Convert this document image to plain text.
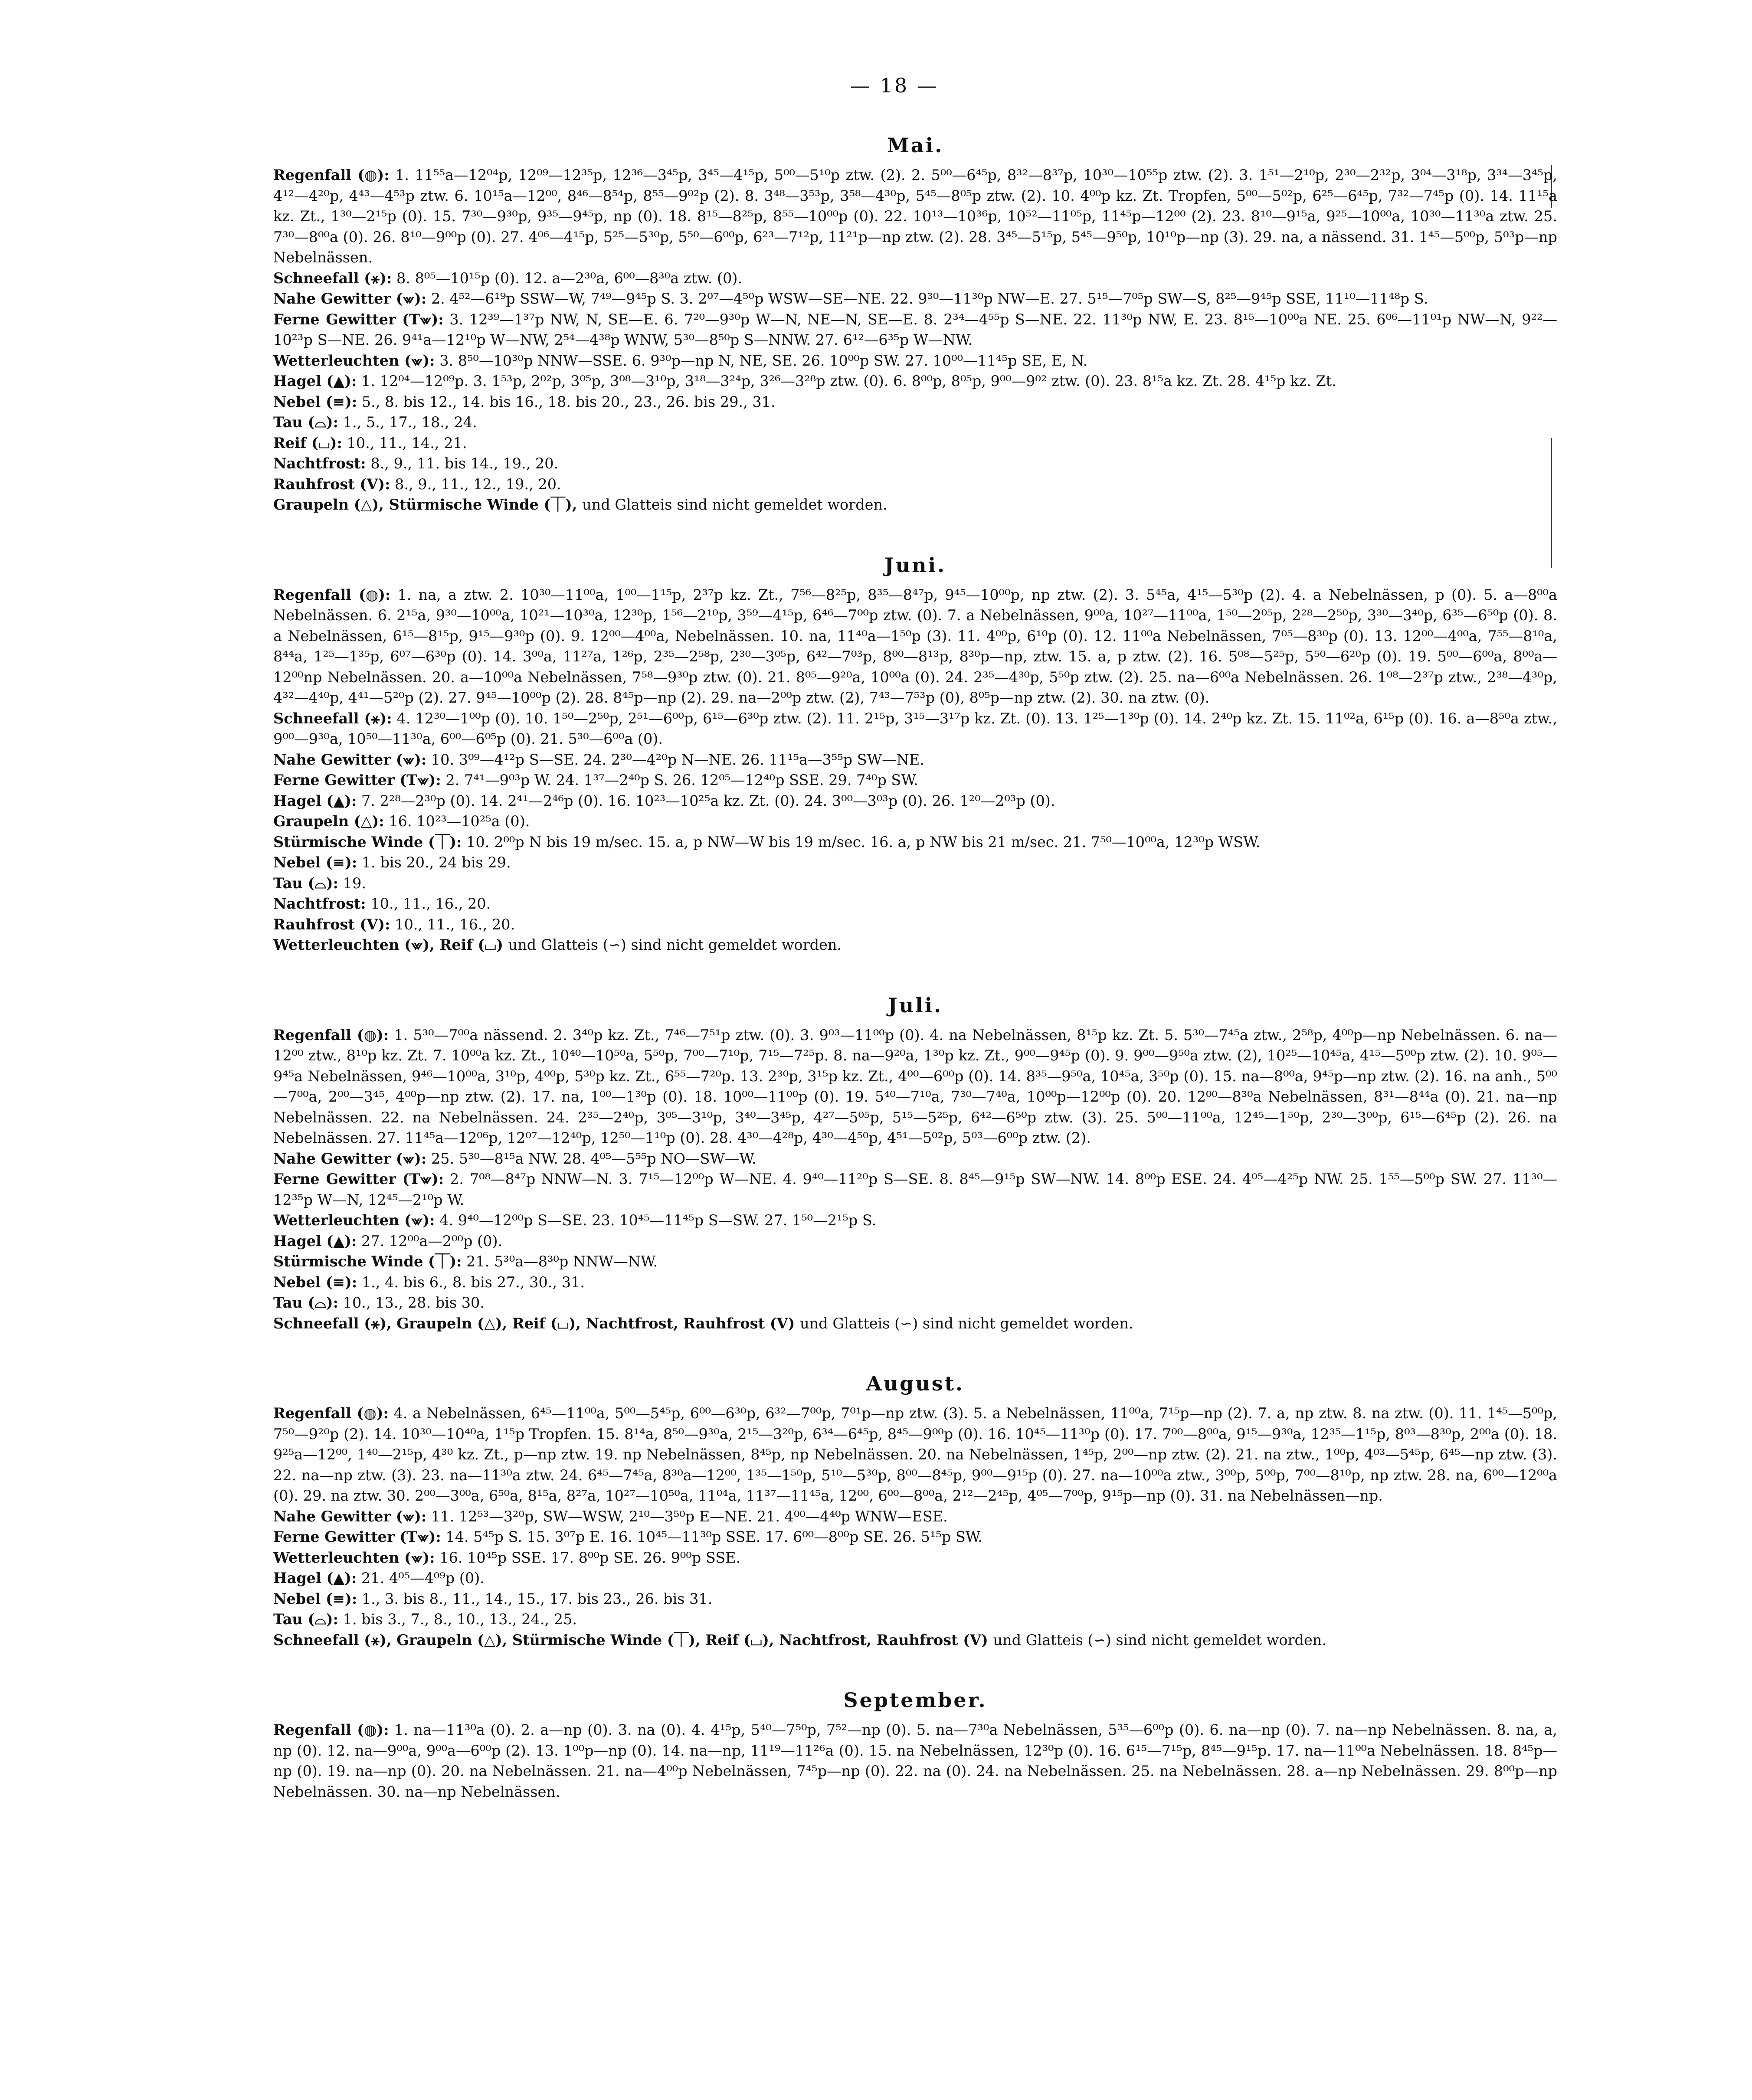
— 18 —
Mai.

Regenfall (◍): 1. 11⁵⁵a—12⁰⁴p, 12⁰⁹—12³⁵p, 12³⁶—3⁴⁵p, 3⁴⁵—4¹⁵p, 5⁰⁰—5¹⁰p ztw. (2). 2. 5⁰⁰—6⁴⁵p, 8³²—8³⁷p, 10³⁰—10⁵⁵p ztw. (2). 3. 1⁵¹—2¹⁰p, 2³⁰—2³²p, 3⁰⁴—3¹⁸p, 3³⁴—3⁴⁵p, 4¹²—4²⁰p, 4⁴³—4⁵³p ztw. 6. 10¹⁵a—12⁰⁰, 8⁴⁶—8⁵⁴p, 8⁵⁵—9⁰²p (2). 8. 3⁴⁸—3⁵³p, 3⁵⁸—4³⁰p, 5⁴⁵—8⁰⁵p ztw. (2). 10. 4⁰⁰p kz. Zt. Tropfen, 5⁰⁰—5⁰²p, 6²⁵—6⁴⁵p, 7³²—7⁴⁵p (0). 14. 11¹⁵a kz. Zt., 1³⁰—2¹⁵p (0). 15. 7³⁰—9³⁰p, 9³⁵—9⁴⁵p, np (0). 18. 8¹⁵—8²⁵p, 8⁵⁵—10⁰⁰p (0). 22. 10¹³—10³⁶p, 10⁵²—11⁰⁵p, 11⁴⁵p—12⁰⁰ (2). 23. 8¹⁰—9¹⁵a, 9²⁵—10⁰⁰a, 10³⁰—11³⁰a ztw. 25. 7³⁰—8⁰⁰a (0). 26. 8¹⁰—9⁰⁰p (0). 27. 4⁰⁶—4¹⁵p, 5²⁵—5³⁰p, 5⁵⁰—6⁰⁰p, 6²³—7¹²p, 11²¹p—np ztw. (2). 28. 3⁴⁵—5¹⁵p, 5⁴⁵—9⁵⁰p, 10¹⁰p—np (3). 29. na, a nässend. 31. 1⁴⁵—5⁰⁰p, 5⁰³p—np Nebelnässen.

Schneefall (⚹): 8. 8⁰⁵—10¹⁵p (0). 12. a—2³⁰a, 6⁰⁰—8³⁰a ztw. (0).

Nahe Gewitter (⩖): 2. 4⁵²—6¹⁹p SSW—W, 7⁴⁹—9⁴⁵p S. 3. 2⁰⁷—4⁵⁰p WSW—SE—NE. 22. 9³⁰—11³⁰p NW—E. 27. 5¹⁵—7⁰⁵p SW—S, 8²⁵—9⁴⁵p SSE, 11¹⁰—11⁴⁸p S.

Ferne Gewitter (T⩖): 3. 12³⁹—1³⁷p NW, N, SE—E. 6. 7²⁰—9³⁰p W—N, NE—N, SE—E. 8. 2³⁴—4⁵⁵p S—NE. 22. 11³⁰p NW, E. 23. 8¹⁵—10⁰⁰a NE. 25. 6⁰⁶—11⁰¹p NW—N, 9²²—10²³p S—NE. 26. 9⁴¹a—12¹⁰p W—NW, 2⁵⁴—4³⁸p WNW, 5³⁰—8⁵⁰p S—NNW. 27. 6¹²—6³⁵p W—NW.

Wetterleuchten (⩖): 3. 8⁵⁰—10³⁰p NNW—SSE. 6. 9³⁰p—np N, NE, SE. 26. 10⁰⁰p SW. 27. 10⁰⁰—11⁴⁵p SE, E, N.

Hagel (▲): 1. 12⁰⁴—12⁰⁹p. 3. 1⁵³p, 2⁰²p, 3⁰⁵p, 3⁰⁸—3¹⁰p, 3¹⁸—3²⁴p, 3²⁶—3²⁸p ztw. (0). 6. 8⁰⁰p, 8⁰⁵p, 9⁰⁰—9⁰² ztw. (0). 23. 8¹⁵a kz. Zt. 28. 4¹⁵p kz. Zt.

Nebel (≡): 5., 8. bis 12., 14. bis 16., 18. bis 20., 23., 26. bis 29., 31.

Tau (⌓): 1., 5., 17., 18., 24.

Reif (⌴): 10., 11., 14., 21.

Nachtfrost: 8., 9., 11. bis 14., 19., 20.

Rauhfrost (V): 8., 9., 11., 12., 19., 20.

Graupeln (△), Stürmische Winde (⏉), und Glatteis sind nicht gemeldet worden.

Juni.

Regenfall (◍): 1. na, a ztw. 2. 10³⁰—11⁰⁰a, 1⁰⁰—1¹⁵p, 2³⁷p kz. Zt., 7⁵⁶—8²⁵p, 8³⁵—8⁴⁷p, 9⁴⁵—10⁰⁰p, np ztw. (2). 3. 5⁴⁵a, 4¹⁵—5³⁰p (2). 4. a Nebelnässen, p (0). 5. a—8⁰⁰a Nebelnässen. 6. 2¹⁵a, 9³⁰—10⁰⁰a, 10²¹—10³⁰a, 12³⁰p, 1⁵⁶—2¹⁰p, 3⁵⁹—4¹⁵p, 6⁴⁶—7⁰⁰p ztw. (0). 7. a Nebelnässen, 9⁰⁰a, 10²⁷—11⁰⁰a, 1⁵⁰—2⁰⁵p, 2²⁸—2⁵⁰p, 3³⁰—3⁴⁰p, 6³⁵—6⁵⁰p (0). 8. a Nebelnässen, 6¹⁵—8¹⁵p, 9¹⁵—9³⁰p (0). 9. 12⁰⁰—4⁰⁰a, Nebelnässen. 10. na, 11⁴⁰a—1⁵⁰p (3). 11. 4⁰⁰p, 6¹⁰p (0). 12. 11⁰⁰a Nebelnässen, 7⁰⁵—8³⁰p (0). 13. 12⁰⁰—4⁰⁰a, 7⁵⁵—8¹⁰a, 8⁴⁴a, 1²⁵—1³⁵p, 6⁰⁷—6³⁰p (0). 14. 3⁰⁰a, 11²⁷a, 1²⁶p, 2³⁵—2⁵⁸p, 2³⁰—3⁰⁵p, 6⁴²—7⁰³p, 8⁰⁰—8¹³p, 8³⁰p—np, ztw. 15. a, p ztw. (2). 16. 5⁰⁸—5²⁵p, 5⁵⁰—6²⁰p (0). 19. 5⁰⁰—6⁰⁰a, 8⁰⁰a—12⁰⁰np Nebelnässen. 20. a—10⁰⁰a Nebelnässen, 7⁵⁸—9³⁰p ztw. (0). 21. 8⁰⁵—9²⁰a, 10⁰⁰a (0). 24. 2³⁵—4³⁰p, 5⁵⁰p ztw. (2). 25. na—6⁰⁰a Nebelnässen. 26. 1⁰⁸—2³⁷p ztw., 2³⁸—4³⁰p, 4³²—4⁴⁰p, 4⁴¹—5²⁰p (2). 27. 9⁴⁵—10⁰⁰p (2). 28. 8⁴⁵p—np (2). 29. na—2⁰⁰p ztw. (2), 7⁴³—7⁵³p (0), 8⁰⁵p—np ztw. (2). 30. na ztw. (0).

Schneefall (⚹): 4. 12³⁰—1⁰⁰p (0). 10. 1⁵⁰—2⁵⁰p, 2⁵¹—6⁰⁰p, 6¹⁵—6³⁰p ztw. (2). 11. 2¹⁵p, 3¹⁵—3¹⁷p kz. Zt. (0). 13. 1²⁵—1³⁰p (0). 14. 2⁴⁰p kz. Zt. 15. 11⁰²a, 6¹⁵p (0). 16. a—8⁵⁰a ztw., 9⁰⁰—9³⁰a, 10⁵⁰—11³⁰a, 6⁰⁰—6⁰⁵p (0). 21. 5³⁰—6⁰⁰a (0).

Nahe Gewitter (⩖): 10. 3⁰⁹—4¹²p S—SE. 24. 2³⁰—4²⁰p N—NE. 26. 11¹⁵a—3⁵⁵p SW—NE.

Ferne Gewitter (T⩖): 2. 7⁴¹—9⁰³p W. 24. 1³⁷—2⁴⁰p S. 26. 12⁰⁵—12⁴⁰p SSE. 29. 7⁴⁰p SW.

Hagel (▲): 7. 2²⁸—2³⁰p (0). 14. 2⁴¹—2⁴⁶p (0). 16. 10²³—10²⁵a kz. Zt. (0). 24. 3⁰⁰—3⁰³p (0). 26. 1²⁰—2⁰³p (0).

Graupeln (△): 16. 10²³—10²⁵a (0).

Stürmische Winde (⏉): 10. 2⁰⁰p N bis 19 m/sec. 15. a, p NW—W bis 19 m/sec. 16. a, p NW bis 21 m/sec. 21. 7⁵⁰—10⁰⁰a, 12³⁰p WSW.

Nebel (≡): 1. bis 20., 24 bis 29.

Tau (⌓): 19.

Nachtfrost: 10., 11., 16., 20.

Rauhfrost (V): 10., 11., 16., 20.

Wetterleuchten (⩖), Reif (⌴) und Glatteis (∽) sind nicht gemeldet worden.

Juli.

Regenfall (◍): 1. 5³⁰—7⁰⁰a nässend. 2. 3⁴⁰p kz. Zt., 7⁴⁶—7⁵¹p ztw. (0). 3. 9⁰³—11⁰⁰p (0). 4. na Nebelnässen, 8¹⁵p kz. Zt. 5. 5³⁰—7⁴⁵a ztw., 2⁵⁸p, 4⁰⁰p—np Nebelnässen. 6. na—12⁰⁰ ztw., 8¹⁰p kz. Zt. 7. 10⁰⁰a kz. Zt., 10⁴⁰—10⁵⁰a, 5⁵⁰p, 7⁰⁰—7¹⁰p, 7¹⁵—7²⁵p. 8. na—9²⁰a, 1³⁰p kz. Zt., 9⁰⁰—9⁴⁵p (0). 9. 9⁰⁰—9⁵⁰a ztw. (2), 10²⁵—10⁴⁵a, 4¹⁵—5⁰⁰p ztw. (2). 10. 9⁰⁵—9⁴⁵a Nebelnässen, 9⁴⁶—10⁰⁰a, 3¹⁰p, 4⁰⁰p, 5³⁰p kz. Zt., 6⁵⁵—7²⁰p. 13. 2³⁰p, 3¹⁵p kz. Zt., 4⁰⁰—6⁰⁰p (0). 14. 8³⁵—9⁵⁰a, 10⁴⁵a, 3⁵⁰p (0). 15. na—8⁰⁰a, 9⁴⁵p—np ztw. (2). 16. na anh., 5⁰⁰—7⁰⁰a, 2⁰⁰—3⁴⁵, 4⁰⁰p—np ztw. (2). 17. na, 1⁰⁰—1³⁰p (0). 18. 10⁰⁰—11⁰⁰p (0). 19. 5⁴⁰—7¹⁰a, 7³⁰—7⁴⁰a, 10⁰⁰p—12⁰⁰p (0). 20. 12⁰⁰—8³⁰a Nebelnässen, 8³¹—8⁴⁴a (0). 21. na—np Nebelnässen. 22. na Nebelnässen. 24. 2³⁵—2⁴⁰p, 3⁰⁵—3¹⁰p, 3⁴⁰—3⁴⁵p, 4²⁷—5⁰⁵p, 5¹⁵—5²⁵p, 6⁴²—6⁵⁰p ztw. (3). 25. 5⁰⁰—11⁰⁰a, 12⁴⁵—1⁵⁰p, 2³⁰—3⁰⁰p, 6¹⁵—6⁴⁵p (2). 26. na Nebelnässen. 27. 11⁴⁵a—12⁰⁶p, 12⁰⁷—12⁴⁰p, 12⁵⁰—1¹⁰p (0). 28. 4³⁰—4²⁸p, 4³⁰—4⁵⁰p, 4⁵¹—5⁰²p, 5⁰³—6⁰⁰p ztw. (2).

Nahe Gewitter (⩖): 25. 5³⁰—8¹⁵a NW. 28. 4⁰⁵—5⁵⁵p NO—SW—W.

Ferne Gewitter (T⩖): 2. 7⁰⁸—8⁴⁷p NNW—N. 3. 7¹⁵—12⁰⁰p W—NE. 4. 9⁴⁰—11²⁰p S—SE. 8. 8⁴⁵—9¹⁵p SW—NW. 14. 8⁰⁰p ESE. 24. 4⁰⁵—4²⁵p NW. 25. 1⁵⁵—5⁰⁰p SW. 27. 11³⁰—12³⁵p W—N, 12⁴⁵—2¹⁰p W.

Wetterleuchten (⩖): 4. 9⁴⁰—12⁰⁰p S—SE. 23. 10⁴⁵—11⁴⁵p S—SW. 27. 1⁵⁰—2¹⁵p S.

Hagel (▲): 27. 12⁰⁰a—2⁰⁰p (0).

Stürmische Winde (⏉): 21. 5³⁰a—8³⁰p NNW—NW.

Nebel (≡): 1., 4. bis 6., 8. bis 27., 30., 31.

Tau (⌓): 10., 13., 28. bis 30.

Schneefall (⚹), Graupeln (△), Reif (⌴), Nachtfrost, Rauhfrost (V) und Glatteis (∽) sind nicht gemeldet worden.

August.

Regenfall (◍): 4. a Nebelnässen, 6⁴⁵—11⁰⁰a, 5⁰⁰—5⁴⁵p, 6⁰⁰—6³⁰p, 6³²—7⁰⁰p, 7⁰¹p—np ztw. (3). 5. a Nebelnässen, 11⁰⁰a, 7¹⁵p—np (2). 7. a, np ztw. 8. na ztw. (0). 11. 1⁴⁵—5⁰⁰p, 7⁵⁰—9²⁰p (2). 14. 10³⁰—10⁴⁰a, 1¹⁵p Tropfen. 15. 8¹⁴a, 8⁵⁰—9³⁰a, 2¹⁵—3²⁰p, 6³⁴—6⁴⁵p, 8⁴⁵—9⁰⁰p (0). 16. 10⁴⁵—11³⁰p (0). 17. 7⁰⁰—8⁰⁰a, 9¹⁵—9³⁰a, 12³⁵—1¹⁵p, 8⁰³—8³⁰p, 2⁰⁰a (0). 18. 9²⁵a—12⁰⁰, 1⁴⁰—2¹⁵p, 4³⁰ kz. Zt., p—np ztw. 19. np Nebelnässen, 8⁴⁵p, np Nebelnässen. 20. na Nebelnässen, 1⁴⁵p, 2⁰⁰—np ztw. (2). 21. na ztw., 1⁰⁰p, 4⁰³—5⁴⁵p, 6⁴⁵—np ztw. (3). 22. na—np ztw. (3). 23. na—11³⁰a ztw. 24. 6⁴⁵—7⁴⁵a, 8³⁰a—12⁰⁰, 1³⁵—1⁵⁰p, 5¹⁰—5³⁰p, 8⁰⁰—8⁴⁵p, 9⁰⁰—9¹⁵p (0). 27. na—10⁰⁰a ztw., 3⁰⁰p, 5⁰⁰p, 7⁰⁰—8¹⁰p, np ztw. 28. na, 6⁰⁰—12⁰⁰a (0). 29. na ztw. 30. 2⁰⁰—3⁰⁰a, 6⁵⁰a, 8¹⁵a, 8²⁷a, 10²⁷—10⁵⁰a, 11⁰⁴a, 11³⁷—11⁴⁵a, 12⁰⁰, 6⁰⁰—8⁰⁰a, 2¹²—2⁴⁵p, 4⁰⁵—7⁰⁰p, 9¹⁵p—np (0). 31. na Nebelnässen—np.

Nahe Gewitter (⩖): 11. 12⁵³—3²⁰p, SW—WSW, 2¹⁰—3⁵⁰p E—NE. 21. 4⁰⁰—4⁴⁰p WNW—ESE.

Ferne Gewitter (T⩖): 14. 5⁴⁵p S. 15. 3⁰⁷p E. 16. 10⁴⁵—11³⁰p SSE. 17. 6⁰⁰—8⁰⁰p SE. 26. 5¹⁵p SW.

Wetterleuchten (⩖): 16. 10⁴⁵p SSE. 17. 8⁰⁰p SE. 26. 9⁰⁰p SSE.

Hagel (▲): 21. 4⁰⁵—4⁰⁹p (0).

Nebel (≡): 1., 3. bis 8., 11., 14., 15., 17. bis 23., 26. bis 31.

Tau (⌓): 1. bis 3., 7., 8., 10., 13., 24., 25.

Schneefall (⚹), Graupeln (△), Stürmische Winde (⏉), Reif (⌴), Nachtfrost, Rauhfrost (V) und Glatteis (∽) sind nicht gemeldet worden.

September.

Regenfall (◍): 1. na—11³⁰a (0). 2. a—np (0). 3. na (0). 4. 4¹⁵p, 5⁴⁰—7⁵⁰p, 7⁵²—np (0). 5. na—7³⁰a Nebelnässen, 5³⁵—6⁰⁰p (0). 6. na—np (0). 7. na—np Nebelnässen. 8. na, a, np (0). 12. na—9⁰⁰a, 9⁰⁰a—6⁰⁰p (2). 13. 1⁰⁰p—np (0). 14. na—np, 11¹⁹—11²⁶a (0). 15. na Nebelnässen, 12³⁰p (0). 16. 6¹⁵—7¹⁵p, 8⁴⁵—9¹⁵p. 17. na—11⁰⁰a Nebelnässen. 18. 8⁴⁵p—np (0). 19. na—np (0). 20. na Nebelnässen. 21. na—4⁰⁰p Nebelnässen, 7⁴⁵p—np (0). 22. na (0). 24. na Nebelnässen. 25. na Nebelnässen. 28. a—np Nebelnässen. 29. 8⁰⁰p—np Nebelnässen. 30. na—np Nebelnässen.
